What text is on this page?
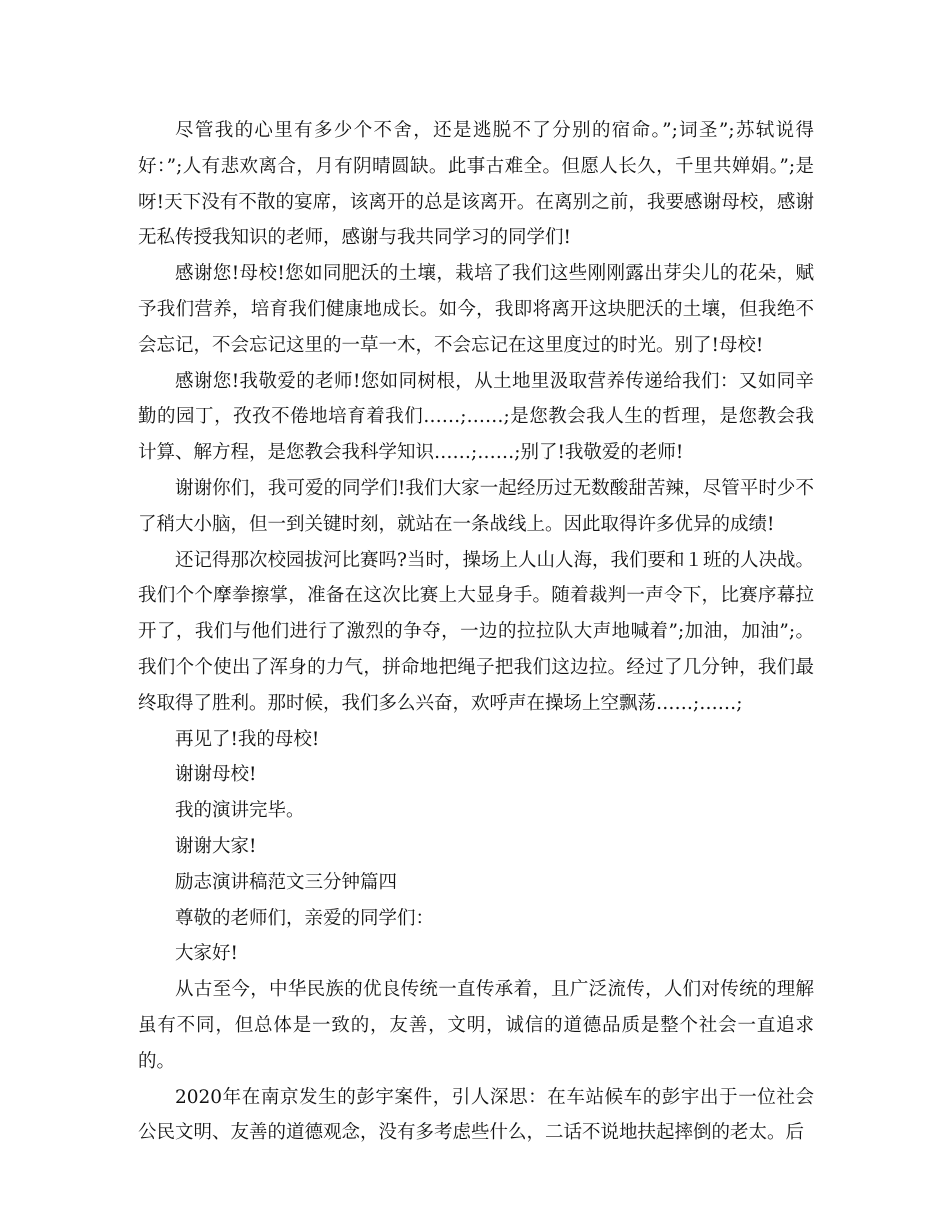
尽管我的心里有多少个不舍，还是逃脱不了分别的宿命。”;词圣”;苏轼说得好：”;人有悲欢离合，月有阴晴圆缺。此事古难全。但愿人长久，千里共婵娟。”;是呀!天下没有不散的宴席，该离开的总是该离开。在离别之前，我要感谢母校，感谢无私传授我知识的老师，感谢与我共同学习的同学们!

感谢您!母校!您如同肥沃的土壤，栽培了我们这些刚刚露出芽尖儿的花朵，赋予我们营养，培育我们健康地成长。如今，我即将离开这块肥沃的土壤，但我绝不会忘记，不会忘记这里的一草一木，不会忘记在这里度过的时光。别了!母校!

感谢您!我敬爱的老师!您如同树根，从土地里汲取营养传递给我们：又如同辛勤的园丁，孜孜不倦地培育着我们……;……;是您教会我人生的哲理，是您教会我计算、解方程，是您教会我科学知识……;……;别了!我敬爱的老师!

谢谢你们，我可爱的同学们!我们大家一起经历过无数酸甜苦辣，尽管平时少不了稍大小脑，但一到关键时刻，就站在一条战线上。因此取得许多优异的成绩!

还记得那次校园拔河比赛吗?当时，操场上人山人海，我们要和１班的人决战。我们个个摩拳擦掌，准备在这次比赛上大显身手。随着裁判一声令下，比赛序幕拉开了，我们与他们进行了激烈的争夺，一边的拉拉队大声地喊着”;加油，加油”;。我们个个使出了浑身的力气，拼命地把绳子把我们这边拉。经过了几分钟，我们最终取得了胜利。那时候，我们多么兴奋，欢呼声在操场上空飘荡……;……;

再见了!我的母校!

谢谢母校!

我的演讲完毕。

谢谢大家!

励志演讲稿范文三分钟篇四

尊敬的老师们，亲爱的同学们：

大家好!

从古至今，中华民族的优良传统一直传承着，且广泛流传，人们对传统的理解虽有不同，但总体是一致的，友善，文明，诚信的道德品质是整个社会一直追求的。

2020年在南京发生的彭宇案件，引人深思：在车站候车的彭宇出于一位社会公民文明、友善的道德观念，没有多考虑些什么，二话不说地扶起摔倒的老太。后
